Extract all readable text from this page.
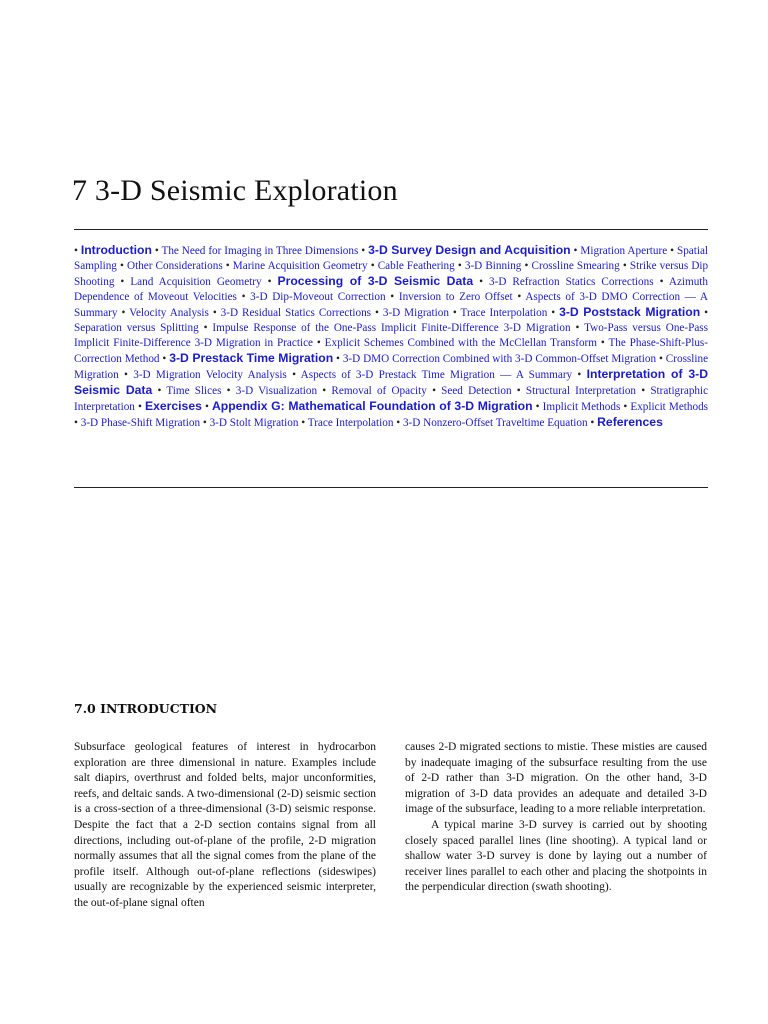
7 3-D Seismic Exploration
• Introduction • The Need for Imaging in Three Dimensions • 3-D Survey Design and Acquisition • Migration Aperture • Spatial Sampling • Other Considerations • Marine Acquisition Geometry • Cable Feathering • 3-D Binning • Crossline Smearing • Strike versus Dip Shooting • Land Acquisition Geometry • Processing of 3-D Seismic Data • 3-D Refraction Statics Corrections • Azimuth Dependence of Moveout Velocities • 3-D Dip-Moveout Correction • Inversion to Zero Offset • Aspects of 3-D DMO Correction — A Summary • Velocity Analysis • 3-D Residual Statics Corrections • 3-D Migration • Trace Interpolation • 3-D Poststack Migration • Separation versus Splitting • Impulse Response of the One-Pass Implicit Finite-Difference 3-D Migration • Two-Pass versus One-Pass Implicit Finite-Difference 3-D Migration in Practice • Explicit Schemes Combined with the McClellan Transform • The Phase-Shift-Plus-Correction Method • 3-D Prestack Time Migration • 3-D DMO Correction Combined with 3-D Common-Offset Migration • Crossline Migration • 3-D Migration Velocity Analysis • Aspects of 3-D Prestack Time Migration — A Summary • Interpretation of 3-D Seismic Data • Time Slices • 3-D Visualization • Removal of Opacity • Seed Detection • Structural Interpretation • Stratigraphic Interpretation • Exercises • Appendix G: Mathematical Foundation of 3-D Migration • Implicit Methods • Explicit Methods • 3-D Phase-Shift Migration • 3-D Stolt Migration • Trace Interpolation • 3-D Nonzero-Offset Traveltime Equation • References
7.0 INTRODUCTION

Subsurface geological features of interest in hydrocarbon exploration are three dimensional in nature. Examples include salt diapirs, overthrust and folded belts, major unconformities, reefs, and deltaic sands. A two-dimensional (2-D) seismic section is a cross-section of a three-dimensional (3-D) seismic response. Despite the fact that a 2-D section contains signal from all directions, including out-of-plane of the profile, 2-D migration normally assumes that all the signal comes from the plane of the profile itself. Although out-of-plane reflections (sideswipes) usually are recognizable by the experienced seismic interpreter, the out-of-plane signal often

causes 2-D migrated sections to mistie. These misties are caused by inadequate imaging of the subsurface resulting from the use of 2-D rather than 3-D migration. On the other hand, 3-D migration of 3-D data provides an adequate and detailed 3-D image of the subsurface, leading to a more reliable interpretation.

A typical marine 3-D survey is carried out by shooting closely spaced parallel lines (line shooting). A typical land or shallow water 3-D survey is done by laying out a number of receiver lines parallel to each other and placing the shotpoints in the perpendicular direction (swath shooting).
